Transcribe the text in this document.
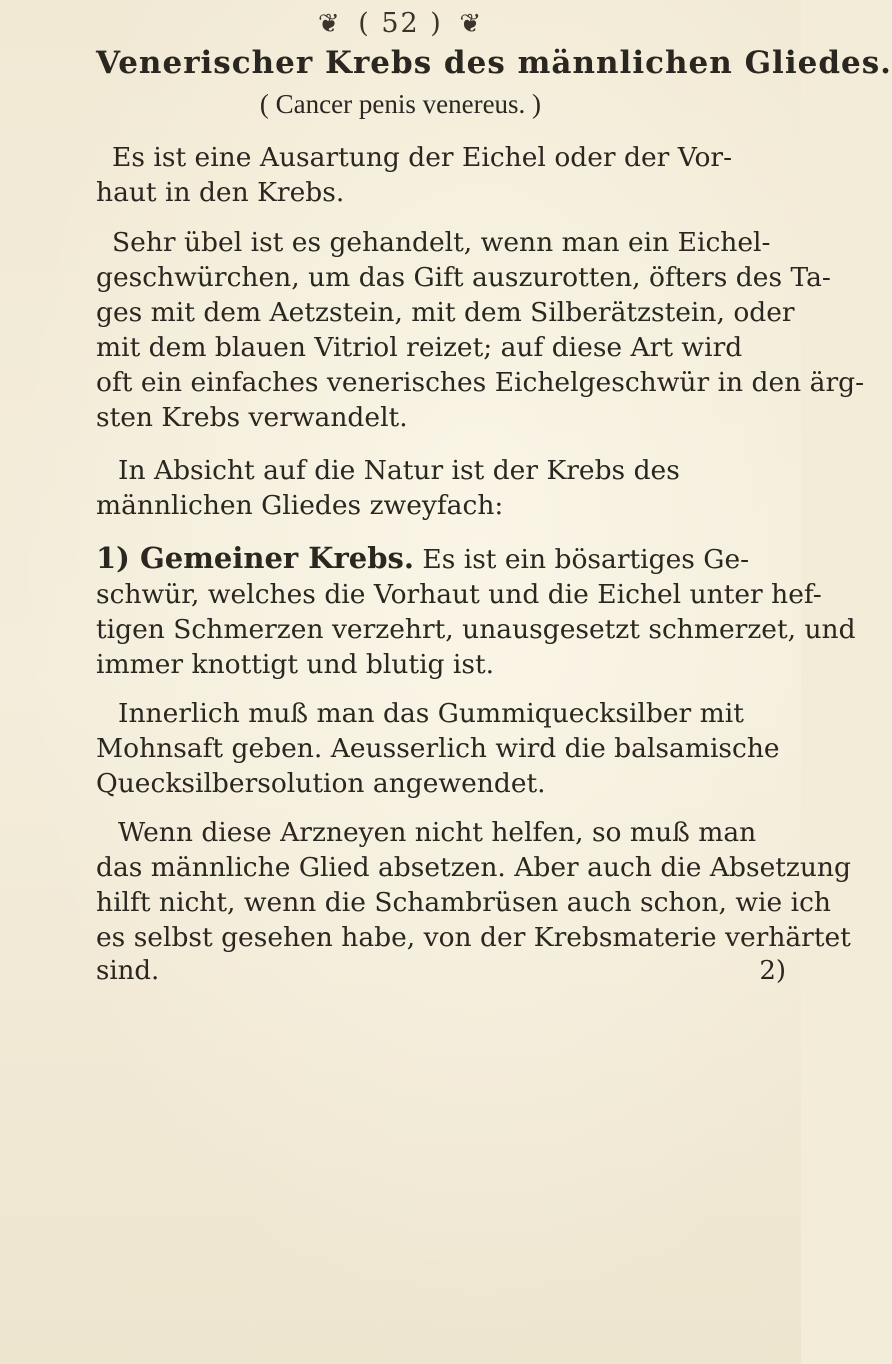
❦ ( 52 ) ❦
Venerischer Krebs des männlichen Gliedes.
( Cancer penis venereus. )
Es ist eine Ausartung der Eichel oder der Vor-
haut in den Krebs.
Sehr übel ist es gehandelt, wenn man ein Eichel-
geschwürchen, um das Gift auszurotten, öfters des Ta-
ges mit dem Aetzstein, mit dem Silberätzstein, oder
mit dem blauen Vitriol reizet; auf diese Art wird
oft ein einfaches venerisches Eichelgeschwür in den ärg-
sten Krebs verwandelt.
In Absicht auf die Natur ist der Krebs des
männlichen Gliedes zweyfach:
1) Gemeiner Krebs. Es ist ein bösartiges Ge-
schwür, welches die Vorhaut und die Eichel unter hef-
tigen Schmerzen verzehrt, unausgesetzt schmerzet, und
immer knottigt und blutig ist.
Innerlich muß man das Gummiquecksilber mit
Mohnsaft geben. Aeusserlich wird die balsamische
Quecksilbersolution angewendet.
Wenn diese Arzneyen nicht helfen, so muß man
das männliche Glied absetzen. Aber auch die Absetzung
hilft nicht, wenn die Schambrüsen auch schon, wie ich
es selbst gesehen habe, von der Krebsmaterie verhärtet
sind.	2)
